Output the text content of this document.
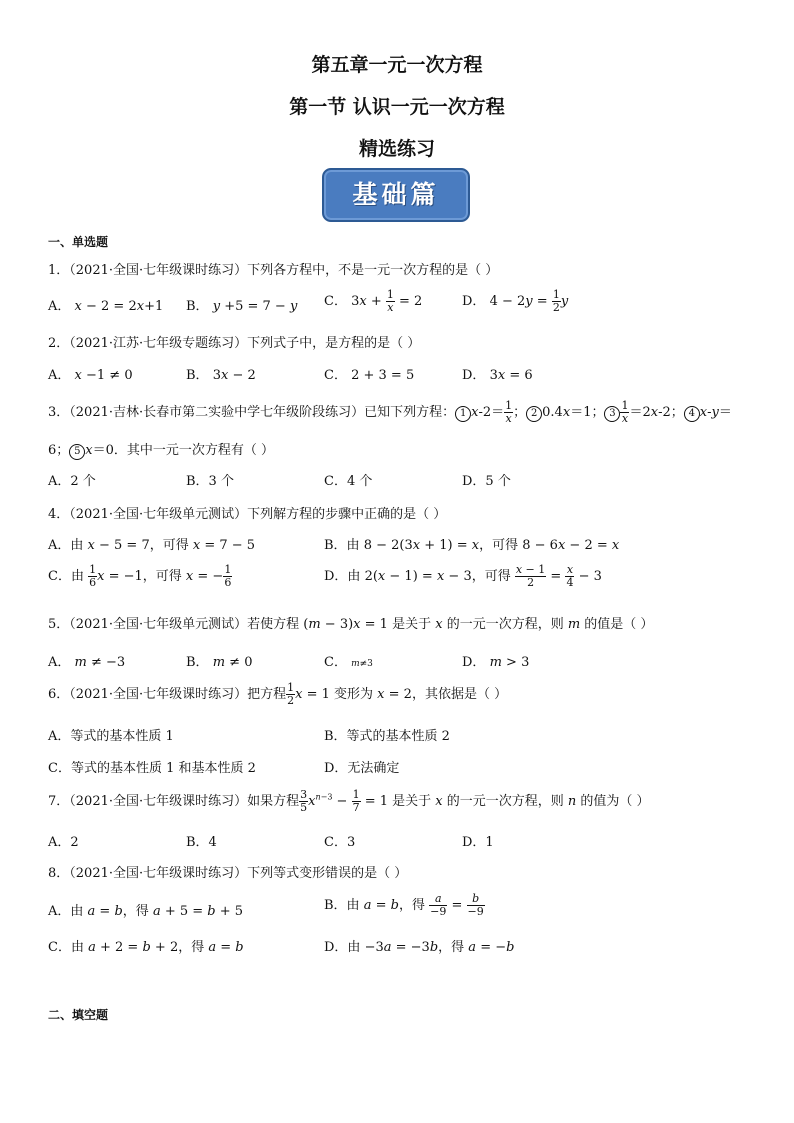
第五章一元一次方程
第一节 认识一元一次方程
精选练习
基础篇
一、单选题
1．（2021·全国·七年级课时练习）下列各方程中，不是一元一次方程的是（ ）
A． x − 2 = 2x+1 B． y +5 = 7 − y C． $3x + \frac{1}{x} = 2$	D． $4 - 2y = \frac{1}{2}$ y
2．（2021·江苏·七年级专题练习）下列式子中，是方程的是（ ）
A． x −1 ≠ 0	B． 3x − 2	C． 2 + 3 = 5	D． 3x = 6
3．（2021·吉林·长春市第二实验中学七年级阶段练习）已知下列方程： 1 $x-2= \frac{1}{x}$ ； 2 0.4x＝1； $3 \frac{1}{x} =2x-2$； 4 x-y＝
6； 5 x＝0．其中一元一次方程有（ ）
A．2 个	B．3 个	C．4 个	D．5 个
4．（2021·全国·七年级单元测试）下列解方程的步骤中正确的是（ ）
A．由 x − 5 = 7，可得 x = 7 − 5	B．由 8 − 2(3x + 1) = x，可得 8 − 6x − 2 = x
C．由 $\frac{1}{6}$ x = −1，可得 x = − $\frac{1}{6}$	D．由 2(x − 1) = x − 3，可得 $\frac{x - 1}{2} = \frac{x}{4} - 3$
5．（2021·全国·七年级单元测试）若使方程 (m − 3)x = 1 是关于 x 的一元一次方程，则 m 的值是（ ）
A． m ≠ −3	B． m ≠ 0	C． m≠3	D． m > 3
6．（2021·全国·七年级课时练习）把方程 $\frac{1}{2}$ x = 1 变形为 x = 2，其依据是（ ）
A．等式的基本性质 1	B．等式的基本性质 2
C．等式的基本性质 1 和基本性质 2	D．无法确定
7．（2021·全国·七年级课时练习）如果方程 $\frac{3}{5} x^{n-3} - \frac{1}{7} = 1$ 是关于 x 的一元一次方程，则 n 的值为（ ）
A．2	B．4	C．3	D．1
8．（2021·全国·七年级课时练习）下列等式变形错误的是（ ）
A．由 a = b，得 a + 5 = b + 5	B．由 a = b，得 $\frac{a}{-9} = \frac{b}{-9}$
C．由 a + 2 = b + 2，得 a = b	D．由 −3a = −3b，得 a = −b
二、填空题
